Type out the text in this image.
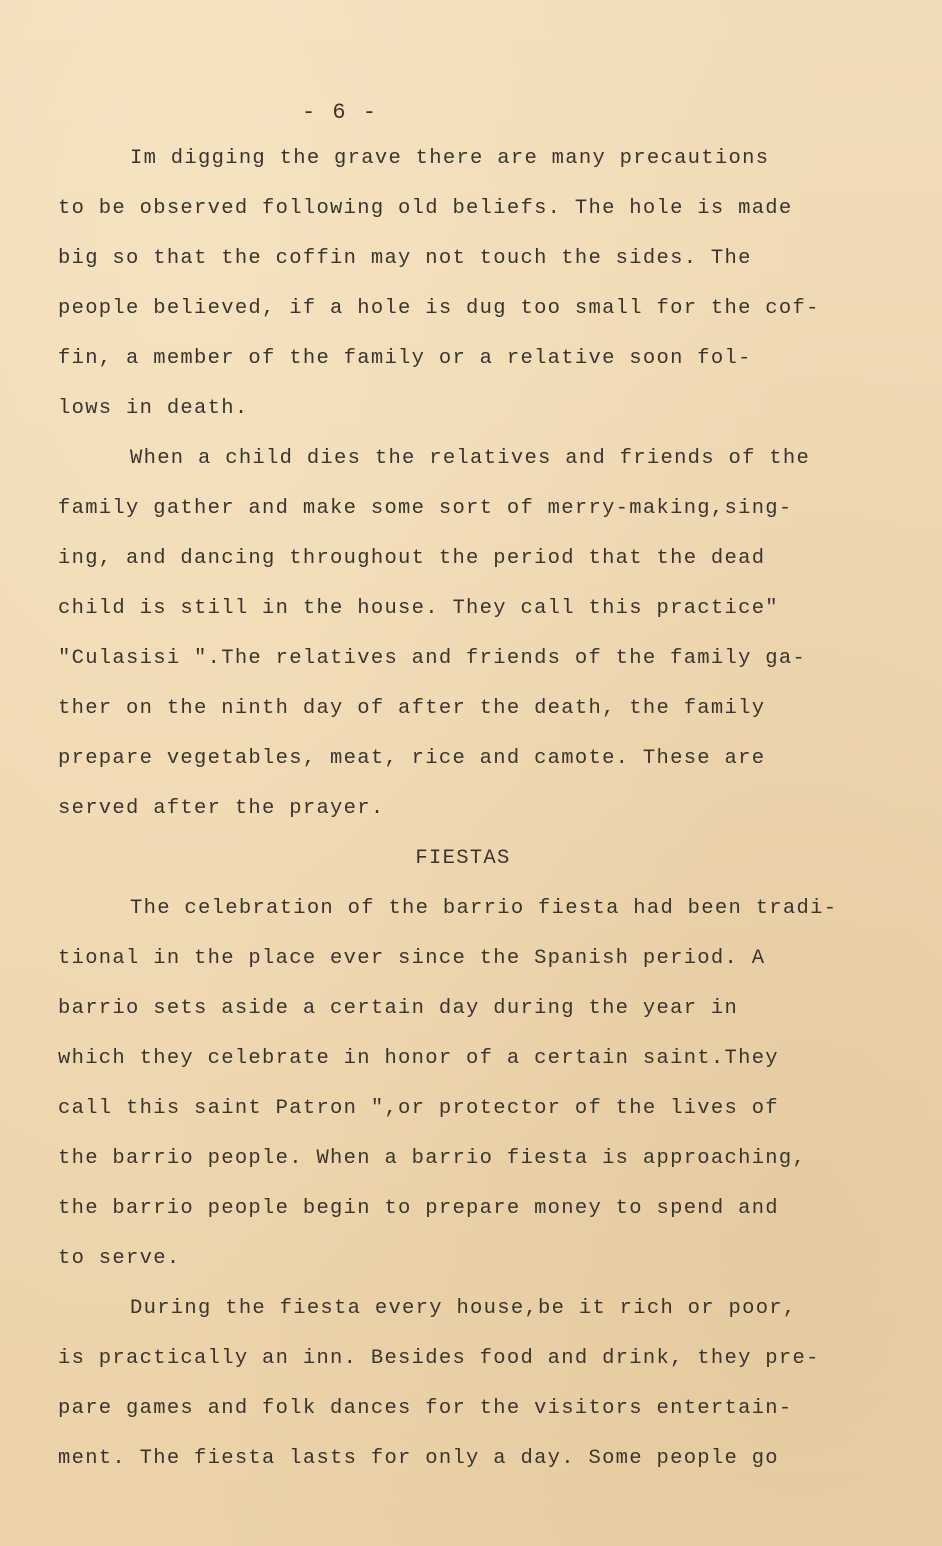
- 6 -
Im digging the grave there are many precautions
to be observed following old beliefs. The hole is made
big so that the coffin may not touch the sides. The
people believed, if a hole is dug too small for the cof-
fin, a member of the family or a relative soon fol-
lows in death.
When a child dies the relatives and friends of the
family gather and make some sort of merry-making,sing-
ing, and dancing throughout the period that the dead
child is still in the house. They call this practice"
"Culasisi ".The relatives and friends of the family ga-
ther on the ninth day of after the death, the family
prepare vegetables, meat, rice and camote. These are
served after the prayer.
FIESTAS
The celebration of the barrio fiesta had been tradi-
tional in the place ever since the Spanish period. A
barrio sets aside a certain day during the year in
which they celebrate in honor of a certain saint.They
call this saint Patron ",or protector of the lives of
the barrio people. When a barrio fiesta is approaching,
the barrio people begin to prepare money to spend and
to serve.
During the fiesta every house,be it rich or poor,
is practically an inn. Besides food and drink, they pre-
pare games and folk dances for the visitors entertain-
ment. The fiesta lasts for only a day. Some people go
